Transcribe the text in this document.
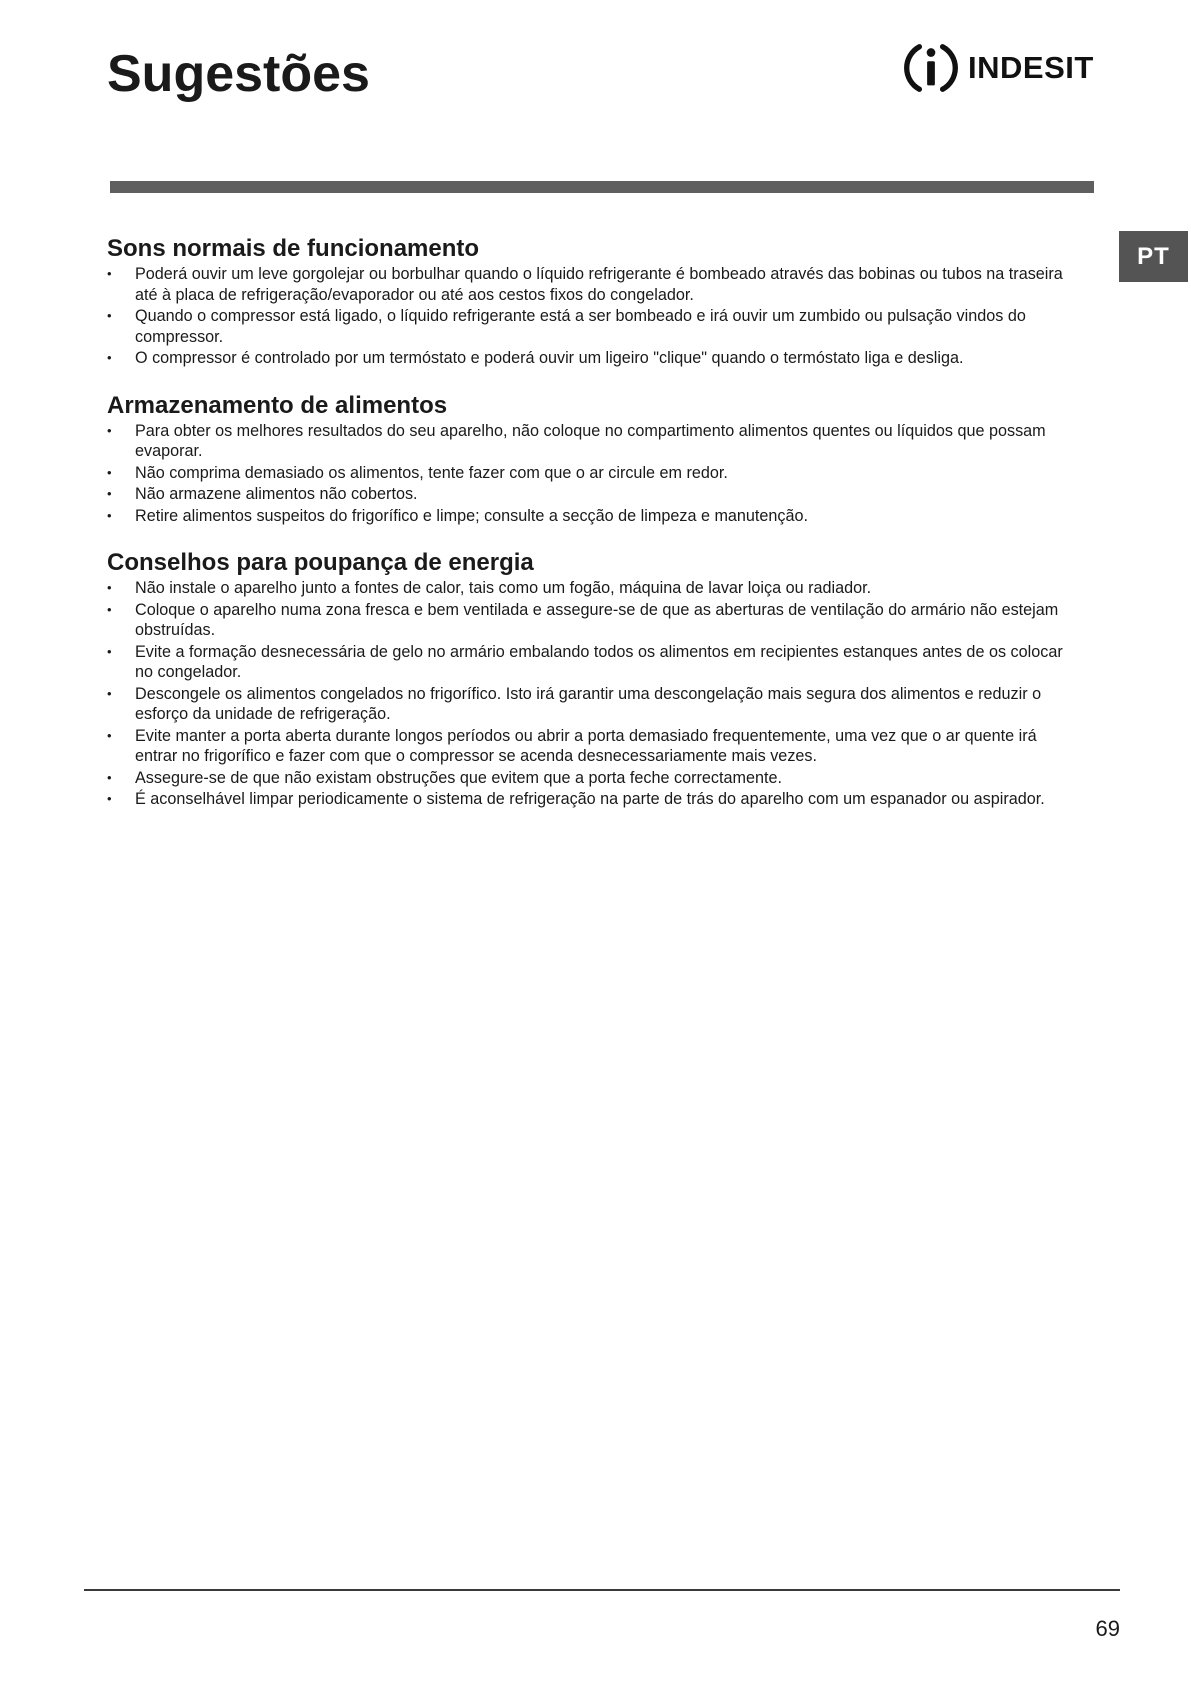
Sugestões	INDESIT
PT
Sons normais de funcionamento
• Poderá ouvir um leve gorgolejar ou borbulhar quando o líquido refrigerante é bombeado através das bobinas ou tubos na traseira até à placa de refrigeração/evaporador ou até aos cestos fixos do congelador.
• Quando o compressor está ligado, o líquido refrigerante está a ser bombeado e irá ouvir um zumbido ou pulsação vindos do compressor.
• O compressor é controlado por um termóstato e poderá ouvir um ligeiro "clique" quando o termóstato liga e desliga.
Armazenamento de alimentos
• Para obter os melhores resultados do seu aparelho, não coloque no compartimento alimentos quentes ou líquidos que possam evaporar.
• Não comprima demasiado os alimentos, tente fazer com que o ar circule em redor.
• Não armazene alimentos não cobertos.
• Retire alimentos suspeitos do frigorífico e limpe; consulte a secção de limpeza e manutenção.
Conselhos para poupança de energia
• Não instale o aparelho junto a fontes de calor, tais como um fogão, máquina de lavar loiça ou radiador.
• Coloque o aparelho numa zona fresca e bem ventilada e assegure-se de que as aberturas de ventilação do armário não estejam obstruídas.
• Evite a formação desnecessária de gelo no armário embalando todos os alimentos em recipientes estanques antes de os colocar no congelador.
• Descongele os alimentos congelados no frigorífico. Isto irá garantir uma descongelação mais segura dos alimentos e reduzir o esforço da unidade de refrigeração.
• Evite manter a porta aberta durante longos períodos ou abrir a porta demasiado frequentemente, uma vez que o ar quente irá entrar no frigorífico e fazer com que o compressor se acenda desnecessariamente mais vezes.
• Assegure-se de que não existam obstruções que evitem que a porta feche correctamente.
• É aconselhável limpar periodicamente o sistema de refrigeração na parte de trás do aparelho com um espanador ou aspirador.
69
